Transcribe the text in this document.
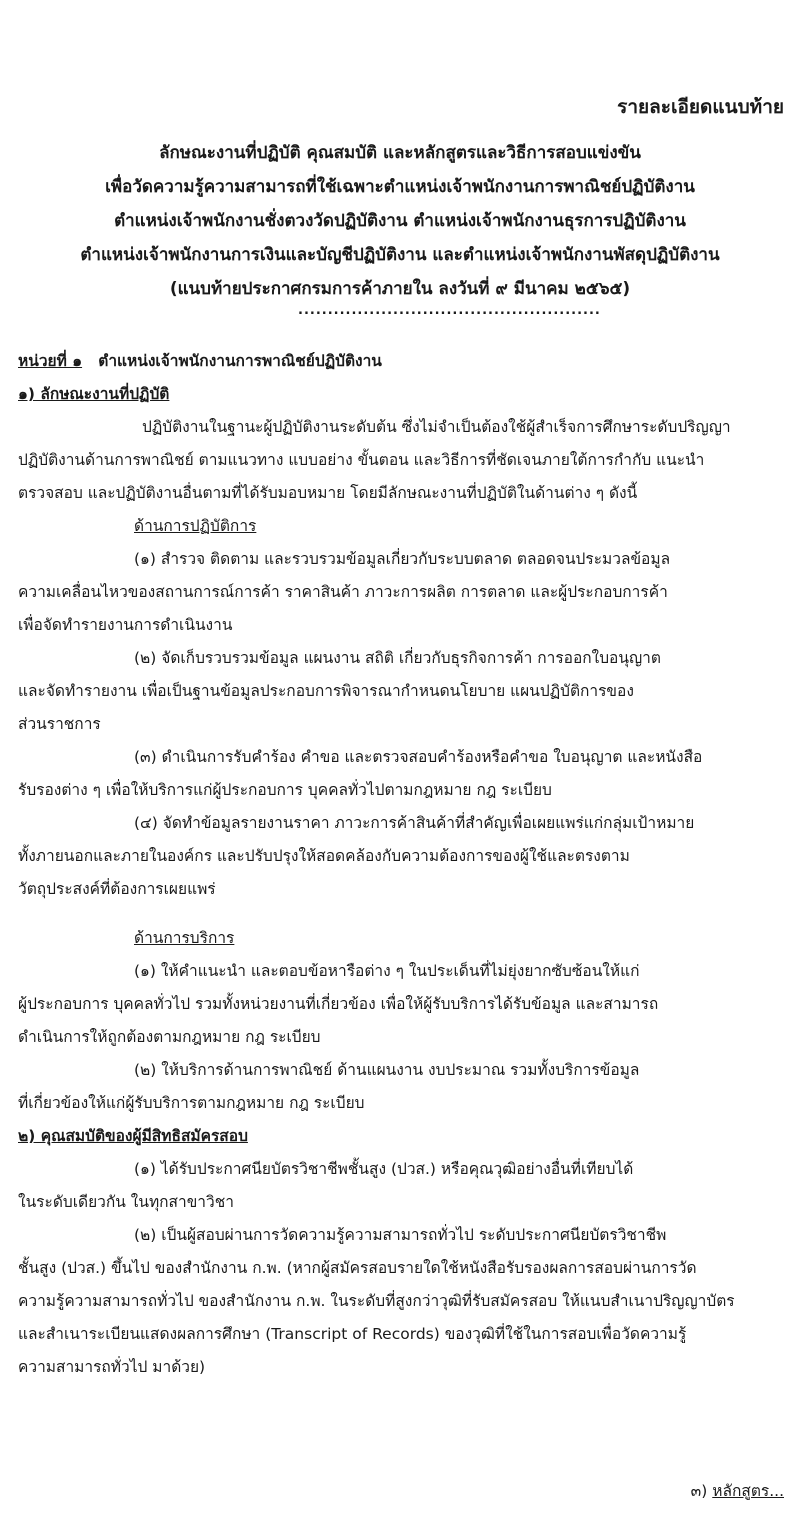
รายละเอียดแนบท้าย
ลักษณะงานที่ปฏิบัติ คุณสมบัติ และหลักสูตรและวิธีการสอบแข่งขัน
เพื่อวัดความรู้ความสามารถที่ใช้เฉพาะตำแหน่งเจ้าพนักงานการพาณิชย์ปฏิบัติงาน
ตำแหน่งเจ้าพนักงานชั่งตวงวัดปฏิบัติงาน ตำแหน่งเจ้าพนักงานธุรการปฏิบัติงาน
ตำแหน่งเจ้าพนักงานการเงินและบัญชีปฏิบัติงาน และตำแหน่งเจ้าพนักงานพัสดุปฏิบัติงาน
(แนบท้ายประกาศกรมการค้าภายใน ลงวันที่ ๙ มีนาคม ๒๕๖๕)
...................................................
หน่วยที่ ๑ ตำแหน่งเจ้าพนักงานการพาณิชย์ปฏิบัติงาน
๑) ลักษณะงานที่ปฏิบัติ
ปฏิบัติงานในฐานะผู้ปฏิบัติงานระดับต้น ซึ่งไม่จำเป็นต้องใช้ผู้สำเร็จการศึกษาระดับปริญญา
ปฏิบัติงานด้านการพาณิชย์ ตามแนวทาง แบบอย่าง ขั้นตอน และวิธีการที่ชัดเจนภายใต้การกำกับ แนะนำ
ตรวจสอบ และปฏิบัติงานอื่นตามที่ได้รับมอบหมาย โดยมีลักษณะงานที่ปฏิบัติในด้านต่าง ๆ ดังนี้
ด้านการปฏิบัติการ
(๑) สำรวจ ติดตาม และรวบรวมข้อมูลเกี่ยวกับระบบตลาด ตลอดจนประมวลข้อมูล
ความเคลื่อนไหวของสถานการณ์การค้า ราคาสินค้า ภาวะการผลิต การตลาด และผู้ประกอบการค้า
เพื่อจัดทำรายงานการดำเนินงาน
(๒) จัดเก็บรวบรวมข้อมูล แผนงาน สถิติ เกี่ยวกับธุรกิจการค้า การออกใบอนุญาต
และจัดทำรายงาน เพื่อเป็นฐานข้อมูลประกอบการพิจารณากำหนดนโยบาย แผนปฏิบัติการของ
ส่วนราชการ
(๓) ดำเนินการรับคำร้อง คำขอ และตรวจสอบคำร้องหรือคำขอ ใบอนุญาต และหนังสือ
รับรองต่าง ๆ เพื่อให้บริการแก่ผู้ประกอบการ บุคคลทั่วไปตามกฎหมาย กฎ ระเบียบ
(๔) จัดทำข้อมูลรายงานราคา ภาวะการค้าสินค้าที่สำคัญเพื่อเผยแพร่แก่กลุ่มเป้าหมาย
ทั้งภายนอกและภายในองค์กร และปรับปรุงให้สอดคล้องกับความต้องการของผู้ใช้และตรงตาม
วัตถุประสงค์ที่ต้องการเผยแพร่
ด้านการบริการ
(๑) ให้คำแนะนำ และตอบข้อหารือต่าง ๆ ในประเด็นที่ไม่ยุ่งยากซับซ้อนให้แก่
ผู้ประกอบการ บุคคลทั่วไป รวมทั้งหน่วยงานที่เกี่ยวข้อง เพื่อให้ผู้รับบริการได้รับข้อมูล และสามารถ
ดำเนินการให้ถูกต้องตามกฎหมาย กฎ ระเบียบ
(๒) ให้บริการด้านการพาณิชย์ ด้านแผนงาน งบประมาณ รวมทั้งบริการข้อมูล
ที่เกี่ยวข้องให้แก่ผู้รับบริการตามกฎหมาย กฎ ระเบียบ
๒) คุณสมบัติของผู้มีสิทธิสมัครสอบ
(๑) ได้รับประกาศนียบัตรวิชาชีพชั้นสูง (ปวส.) หรือคุณวุฒิอย่างอื่นที่เทียบได้
ในระดับเดียวกัน ในทุกสาขาวิชา
(๒) เป็นผู้สอบผ่านการวัดความรู้ความสามารถทั่วไป ระดับประกาศนียบัตรวิชาชีพ
ชั้นสูง (ปวส.) ขึ้นไป ของสำนักงาน ก.พ. (หากผู้สมัครสอบรายใดใช้หนังสือรับรองผลการสอบผ่านการวัด
ความรู้ความสามารถทั่วไป ของสำนักงาน ก.พ. ในระดับที่สูงกว่าวุฒิที่รับสมัครสอบ ให้แนบสำเนาปริญญาบัตร
และสำเนาระเบียนแสดงผลการศึกษา (Transcript of Records) ของวุฒิที่ใช้ในการสอบเพื่อวัดความรู้
ความสามารถทั่วไป มาด้วย)
๓) หลักสูตร...
